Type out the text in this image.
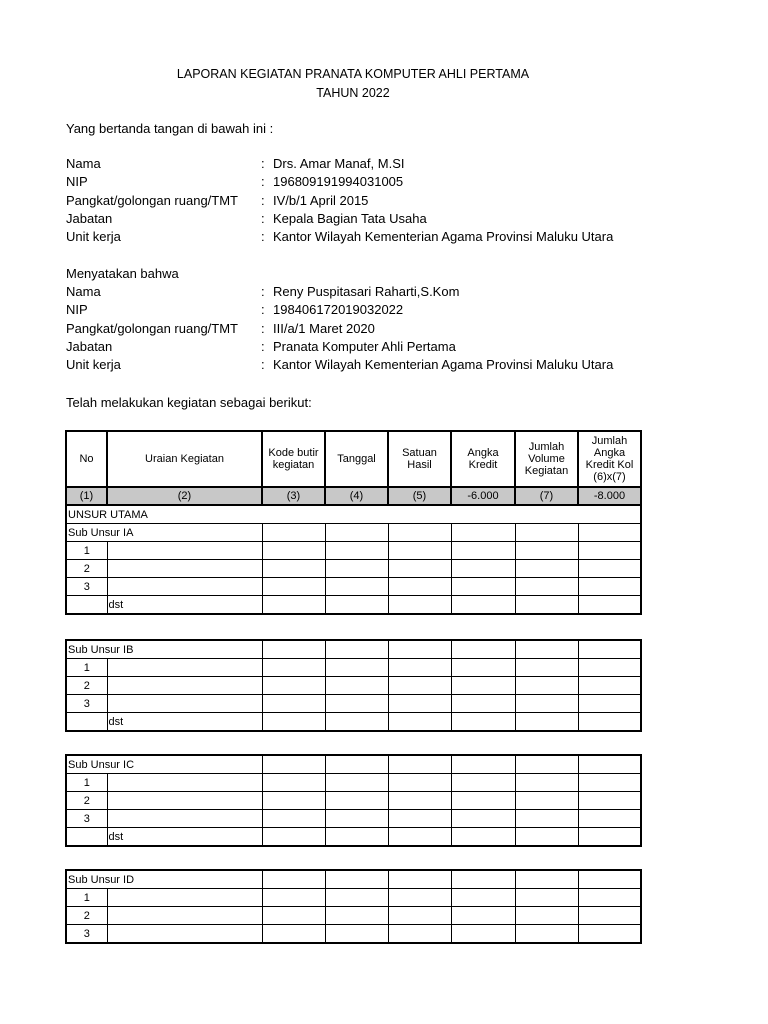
LAPORAN KEGIATAN PRANATA KOMPUTER AHLI PERTAMA
TAHUN 2022
Yang bertanda tangan di bawah ini :
Nama	: Drs. Amar Manaf, M.SI
NIP	: 196809191994031005
Pangkat/golongan ruang/TMT : IV/b/1 April 2015
Jabatan	: Kepala Bagian Tata Usaha
Unit kerja	: Kantor Wilayah Kementerian Agama Provinsi Maluku Utara
Menyatakan bahwa
Nama	: Reny Puspitasari Raharti,S.Kom
NIP	: 198406172019032022
Pangkat/golongan ruang/TMT : III/a/1 Maret 2020
Jabatan	: Pranata Komputer Ahli Pertama
Unit kerja	: Kantor Wilayah Kementerian Agama Provinsi Maluku Utara
Telah melakukan kegiatan sebagai berikut:
No	Uraian Kegiatan	Kode butir kegiatan	Tanggal	Satuan Hasil	Angka Kredit	Jumlah Volume Kegiatan	Jumlah Angka Kredit Kol (6)x(7)
(1)	(2)	(3)	(4)	(5)	-6.000	(7)	-8.000
UNSUR UTAMA							
Sub Unsur IA							
1							
2							
3							
	dst						
Sub Unsur IB							
1							
2							
3							
	dst						
Sub Unsur IC							
1							
2							
3							
	dst						
Sub Unsur ID							
1							
2							
3							
